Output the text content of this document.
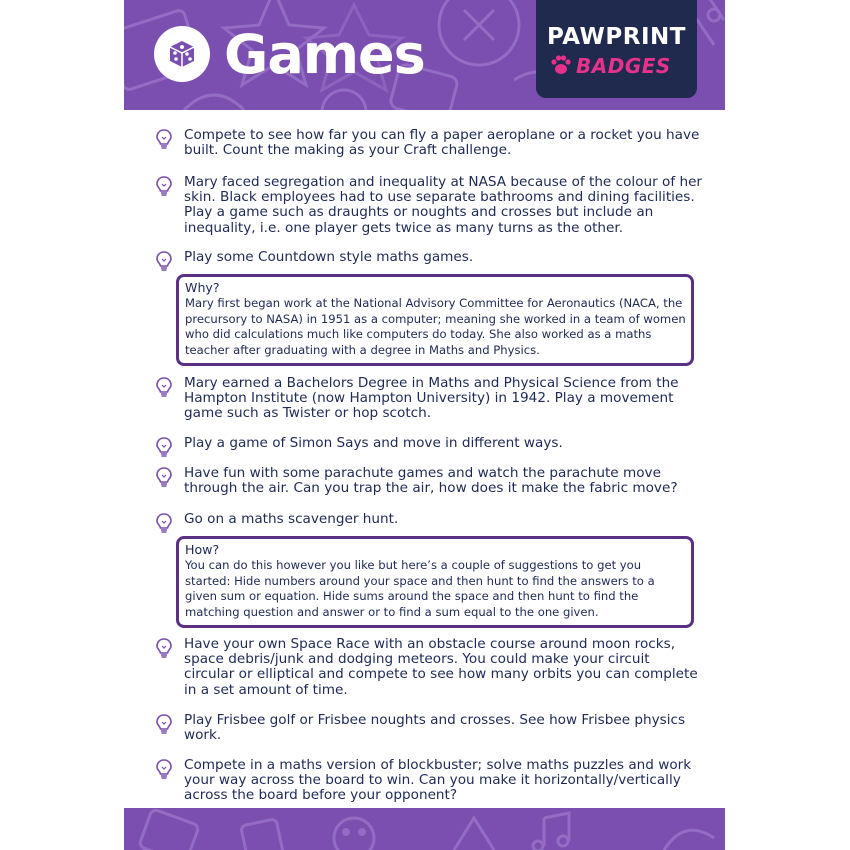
Games	PAWPRINT
BADGES
Compete to see how far you can fly a paper aeroplane or a rocket you have built. Count the making as your Craft challenge.
Mary faced segregation and inequality at NASA because of the colour of her skin. Black employees had to use separate bathrooms and dining facilities. Play a game such as draughts or noughts and crosses but include an inequality, i.e. one player gets twice as many turns as the other.
Play some Countdown style maths games.
Why?
Mary first began work at the National Advisory Committee for Aeronautics (NACA, the precursory to NASA) in 1951 as a computer; meaning she worked in a team of women who did calculations much like computers do today. She also worked as a maths teacher after graduating with a degree in Maths and Physics.
Mary earned a Bachelors Degree in Maths and Physical Science from the Hampton Institute (now Hampton University) in 1942. Play a movement game such as Twister or hop scotch.
Play a game of Simon Says and move in different ways.
Have fun with some parachute games and watch the parachute move through the air. Can you trap the air, how does it make the fabric move?
Go on a maths scavenger hunt.
How?
You can do this however you like but here’s a couple of suggestions to get you started: Hide numbers around your space and then hunt to find the answers to a given sum or equation. Hide sums around the space and then hunt to find the matching question and answer or to find a sum equal to the one given.
Have your own Space Race with an obstacle course around moon rocks, space debris/junk and dodging meteors. You could make your circuit circular or elliptical and compete to see how many orbits you can complete in a set amount of time.
Play Frisbee golf or Frisbee noughts and crosses. See how Frisbee physics work.
Compete in a maths version of blockbuster; solve maths puzzles and work your way across the board to win. Can you make it horizontally/vertically across the board before your opponent?
